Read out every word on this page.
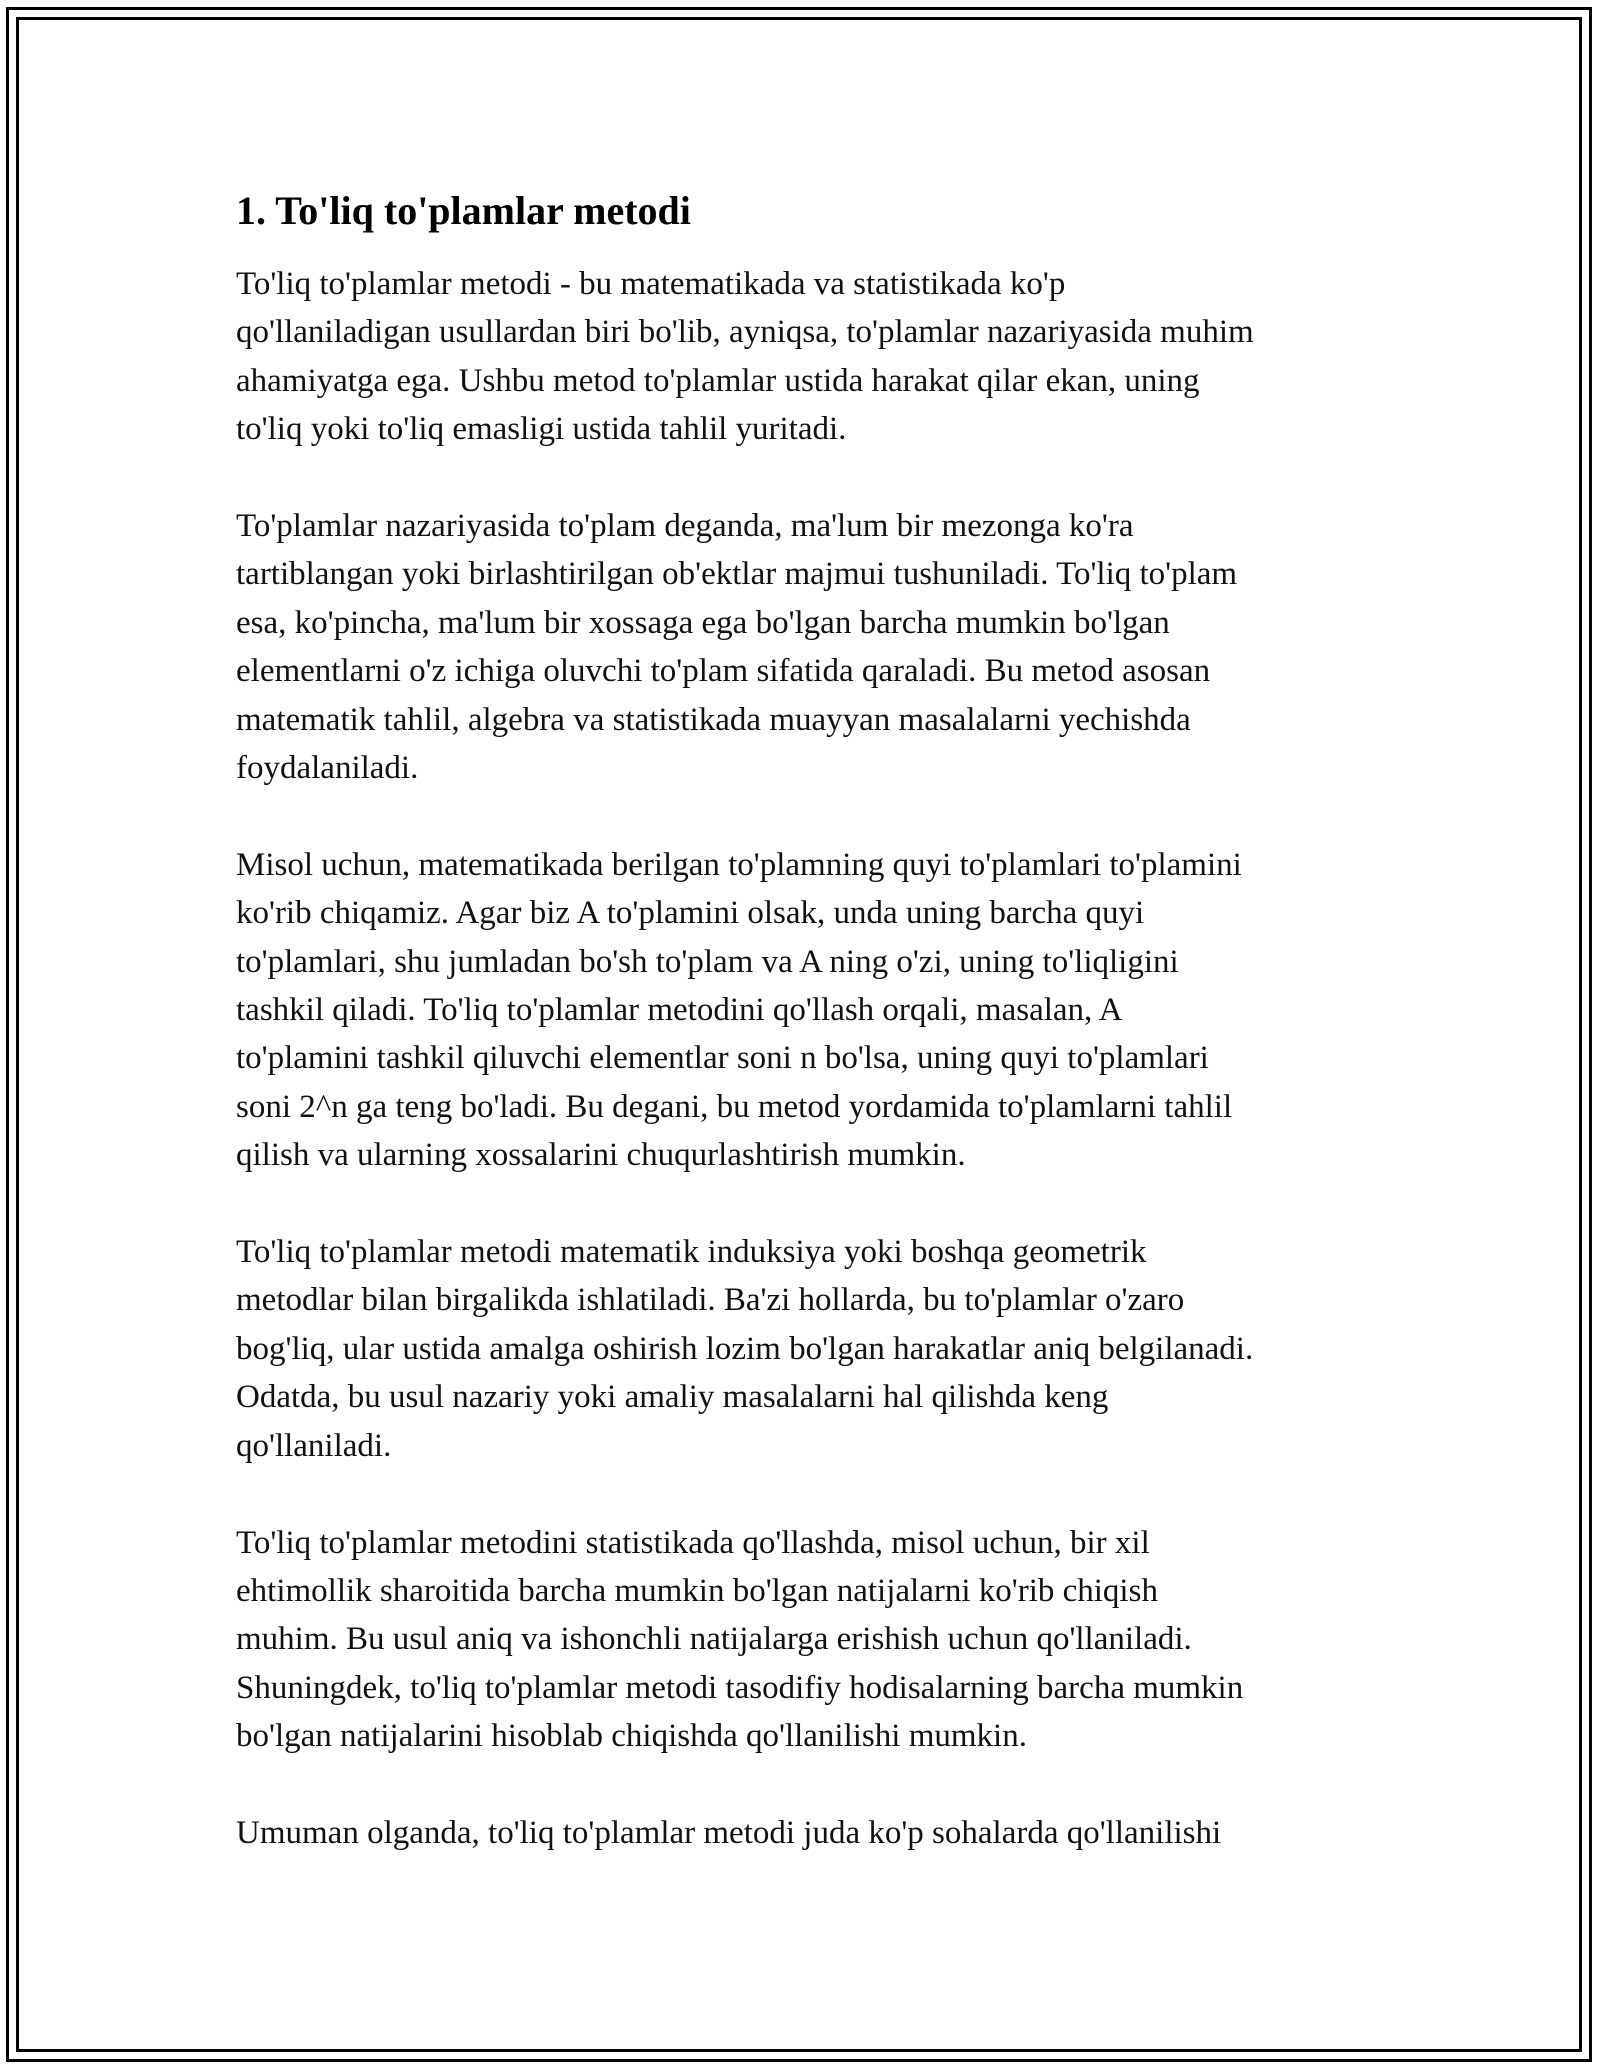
1. To'liq to'plamlar metodi

To'liq to'plamlar metodi - bu matematikada va statistikada ko'p
qo'llaniladigan usullardan biri bo'lib, ayniqsa, to'plamlar nazariyasida muhim
ahamiyatga ega. Ushbu metod to'plamlar ustida harakat qilar ekan, uning
to'liq yoki to'liq emasligi ustida tahlil yuritadi.

To'plamlar nazariyasida to'plam deganda, ma'lum bir mezonga ko'ra
tartiblangan yoki birlashtirilgan ob'ektlar majmui tushuniladi. To'liq to'plam
esa, ko'pincha, ma'lum bir xossaga ega bo'lgan barcha mumkin bo'lgan
elementlarni o'z ichiga oluvchi to'plam sifatida qaraladi. Bu metod asosan
matematik tahlil, algebra va statistikada muayyan masalalarni yechishda
foydalaniladi.

Misol uchun, matematikada berilgan to'plamning quyi to'plamlari to'plamini
ko'rib chiqamiz. Agar biz A to'plamini olsak, unda uning barcha quyi
to'plamlari, shu jumladan bo'sh to'plam va A ning o'zi, uning to'liqligini
tashkil qiladi. To'liq to'plamlar metodini qo'llash orqali, masalan, A
to'plamini tashkil qiluvchi elementlar soni n bo'lsa, uning quyi to'plamlari
soni 2^n ga teng bo'ladi. Bu degani, bu metod yordamida to'plamlarni tahlil
qilish va ularning xossalarini chuqurlashtirish mumkin.

To'liq to'plamlar metodi matematik induksiya yoki boshqa geometrik
metodlar bilan birgalikda ishlatiladi. Ba'zi hollarda, bu to'plamlar o'zaro
bog'liq, ular ustida amalga oshirish lozim bo'lgan harakatlar aniq belgilanadi.
Odatda, bu usul nazariy yoki amaliy masalalarni hal qilishda keng
qo'llaniladi.

To'liq to'plamlar metodini statistikada qo'llashda, misol uchun, bir xil
ehtimollik sharoitida barcha mumkin bo'lgan natijalarni ko'rib chiqish
muhim. Bu usul aniq va ishonchli natijalarga erishish uchun qo'llaniladi.
Shuningdek, to'liq to'plamlar metodi tasodifiy hodisalarning barcha mumkin
bo'lgan natijalarini hisoblab chiqishda qo'llanilishi mumkin.

Umuman olganda, to'liq to'plamlar metodi juda ko'p sohalarda qo'llanilishi
